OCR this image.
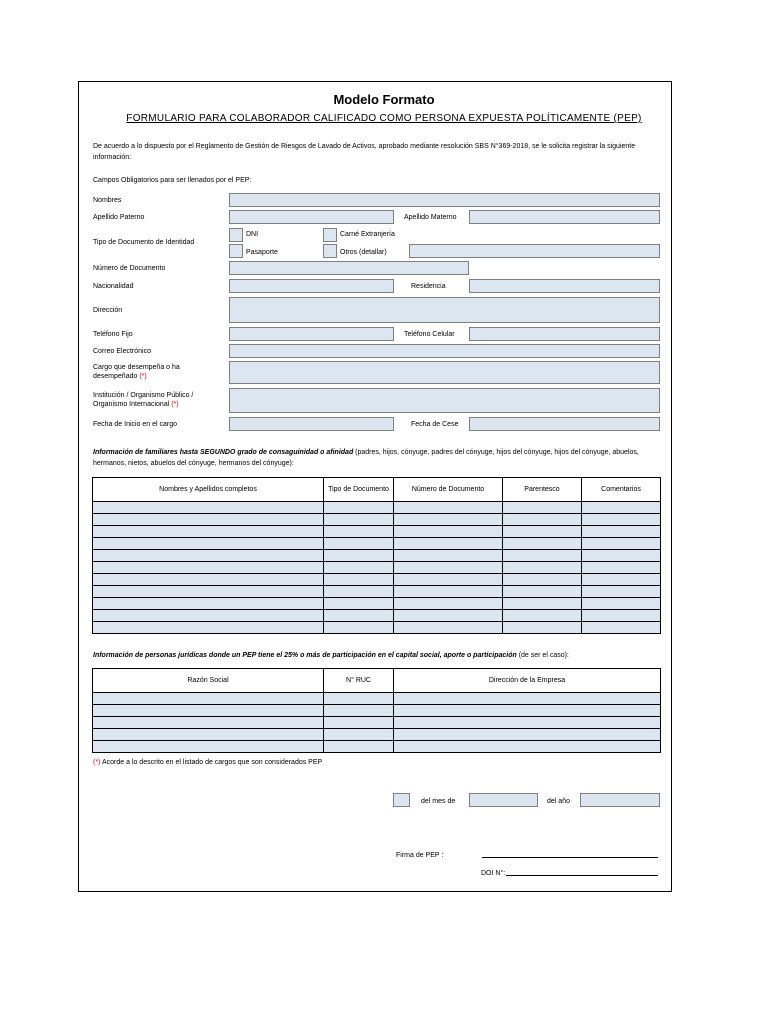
Modelo Formato
FORMULARIO PARA COLABORADOR CALIFICADO COMO PERSONA EXPUESTA POLÍTICAMENTE (PEP)
De acuerdo a lo dispuesto por el Reglamento de Gestión de Riesgos de Lavado de Activos, aprobado mediante resolución SBS N°369-2018, se le solicita registrar la siguiente información:
Campos Obligatorios para ser llenados por el PEP:
Nombres
Apellido Paterno	Apellido Materno
Tipo de Documento de Identidad
DNI	Carné Extranjería
Pasaporte	Otros (detallar)
Número de Documento
Nacionalidad	Residencia
Dirección
Teléfono Fijo	Teléfono Celular
Correo Electrónico
Cargo que desempeña o ha
desempeñado (*)
Institución / Organismo Público /
Organismo Internacional (*)
Fecha de Inicio en el cargo	Fecha de Cese
Información de familiares hasta SEGUNDO grado de consaguinidad o afinidad (padres, hijos, cónyuge, padres del cónyuge, hijos del cónyuge, hijos del cónyuge, abuelos, hermanos, nietos, abuelos del cónyuge, hermanos del cónyuge):
Nombres y Apellidos completos	Tipo de Documento	Número de Documento	Parentesco	Comentarios

Información de personas jurídicas donde un PEP tiene el 25% o más de participación en el capital social, aporte o participación (de ser el caso):
Razón Social	N° RUC	Dirección de la Empresa

(*) Acorde a lo descrito en el listado de cargos que son considerados PEP
del mes de	del año
Firma de PEP :
DOI N°:
